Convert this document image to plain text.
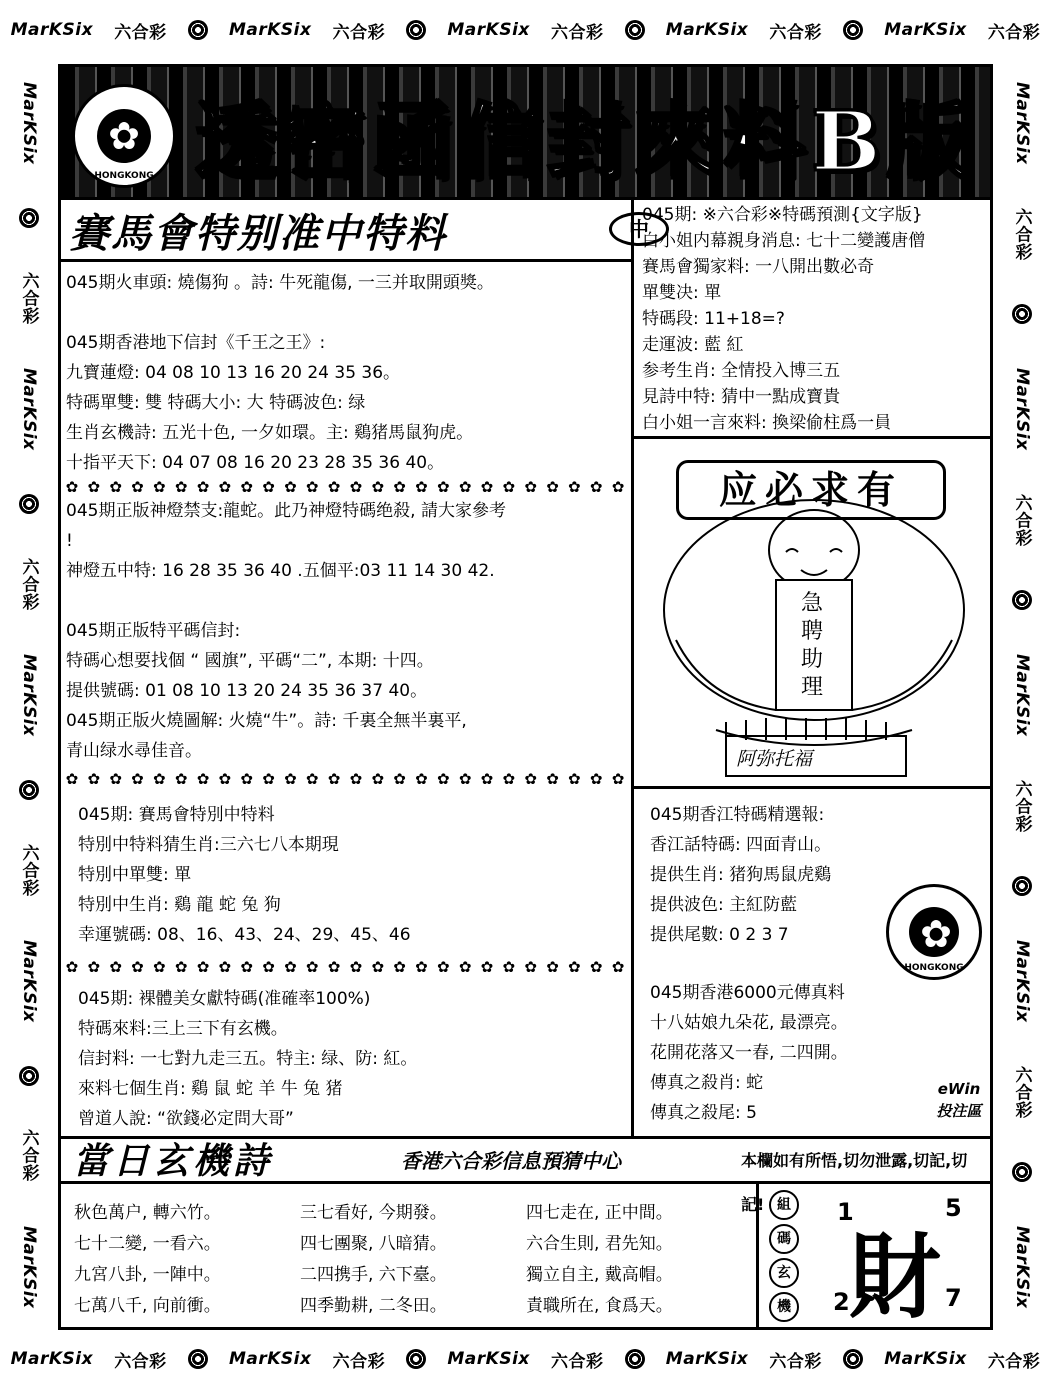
MarKSix 六合彩	MarKSix 六合彩	MarKSix 六合彩	MarKSix 六合彩	MarKSix 六合彩
MarKSix 六合彩	MarKSix 六合彩	MarKSix 六合彩	MarKSix 六合彩	MarKSix 六合彩
MarKSix
六合彩
MarKSix
六合彩
MarKSix
六合彩
MarKSix
六合彩
MarKSix
MarKSix
六合彩
MarKSix
六合彩
MarKSix
六合彩
MarKSix
六合彩
MarKSix
✿
HONGKONG 透密函信封來料B版
賽馬會特别准中特料	中
045期火車頭: 燒傷狗 。詩: 牛死龍傷, 一三并取開頭獎。
045期香港地下信封《千王之王》:
九寶蓮燈: 04 08 10 13 16 20 24 35 36。
特碼單雙: 雙 特碼大小: 大 特碼波色: 绿
生肖玄機詩: 五光十色, 一夕如環。主: 鷄猪馬鼠狗虎。
十指平天下: 04 07 08 16 20 23 28 35 36 40。
✿ ✿ ✿ ✿ ✿ ✿ ✿ ✿ ✿ ✿ ✿ ✿ ✿ ✿ ✿ ✿ ✿ ✿ ✿ ✿ ✿ ✿ ✿ ✿ ✿ ✿
045期正版神燈禁支:龍蛇。此乃神燈特碼绝殺, 請大家參考
!
神燈五中特: 16 28 35 36 40 .五個平:03 11 14 30 42.
045期正版特平碼信封:
特碼心想要找個 “ 國旗”, 平碼“二”, 本期: 十四。
提供號碼: 01 08 10 13 20 24 35 36 37 40。
045期正版火燒圖解: 火燒“牛”。詩: 千裏全無半裏平,
青山绿水尋佳音。
✿ ✿ ✿ ✿ ✿ ✿ ✿ ✿ ✿ ✿ ✿ ✿ ✿ ✿ ✿ ✿ ✿ ✿ ✿ ✿ ✿ ✿ ✿ ✿ ✿ ✿
045期: 賽馬會特別中特料
特別中特料猜生肖:三六七八本期現
特別中單雙: 單
特別中生肖: 鷄 龍 蛇 兔 狗
幸運號碼: 08、16、43、24、29、45、46
✿ ✿ ✿ ✿ ✿ ✿ ✿ ✿ ✿ ✿ ✿ ✿ ✿ ✿ ✿ ✿ ✿ ✿ ✿ ✿ ✿ ✿ ✿ ✿ ✿ ✿
045期: 裸體美女獻特碼(准確率100%)
特碼來料:三上三下有玄機。
信封料: 一七對九走三五。特主: 绿、防: 紅。
來料七個生肖: 鷄 鼠 蛇 羊 牛 兔 猪
曾道人說: “欲錢必定問大哥”
045期: ※六合彩※特碼預測{文字版}
白小姐内幕親身消息: 七十二變護唐僧
賽馬會獨家料: 一八開出數必奇
單雙决: 單
特碼段: 11+18=?
走運波: 藍 紅
参考生肖: 全情投入博三五
見詩中特: 猜中一點成寶貴
白小姐一言來料: 換梁偷柱爲一員
应必求有
急
聘
助
理
阿弥托福
045期香江特碼精選報:
香江話特碼: 四面青山。
提供生肖: 猪狗馬鼠虎鷄
提供波色: 主紅防藍
提供尾數: 0 2 3 7
✿
HONGKONG
045期香港6000元傳真料
十八姑娘九朵花, 最漂亮。
花開花落又一春, 二四開。
傳真之殺肖: 蛇
傳真之殺尾: 5
eWin 投注區
當日玄機詩	香港六合彩信息預猜中心	本欄如有所悟,切勿泄露,切記,切記!
秋色萬户, 轉六竹。	三七看好, 今期發。	四七走在, 正中間。
七十二變, 一看六。	四七團聚, 八暗猜。	六合生則, 君先知。
九宮八卦, 一陣中。	二四携手, 六下臺。	獨立自主, 戴高帽。
七萬八千, 向前衝。	四季勤耕, 二冬田。	責職所在, 食爲天。
組
碼
玄
機 財
1	5
2	7
